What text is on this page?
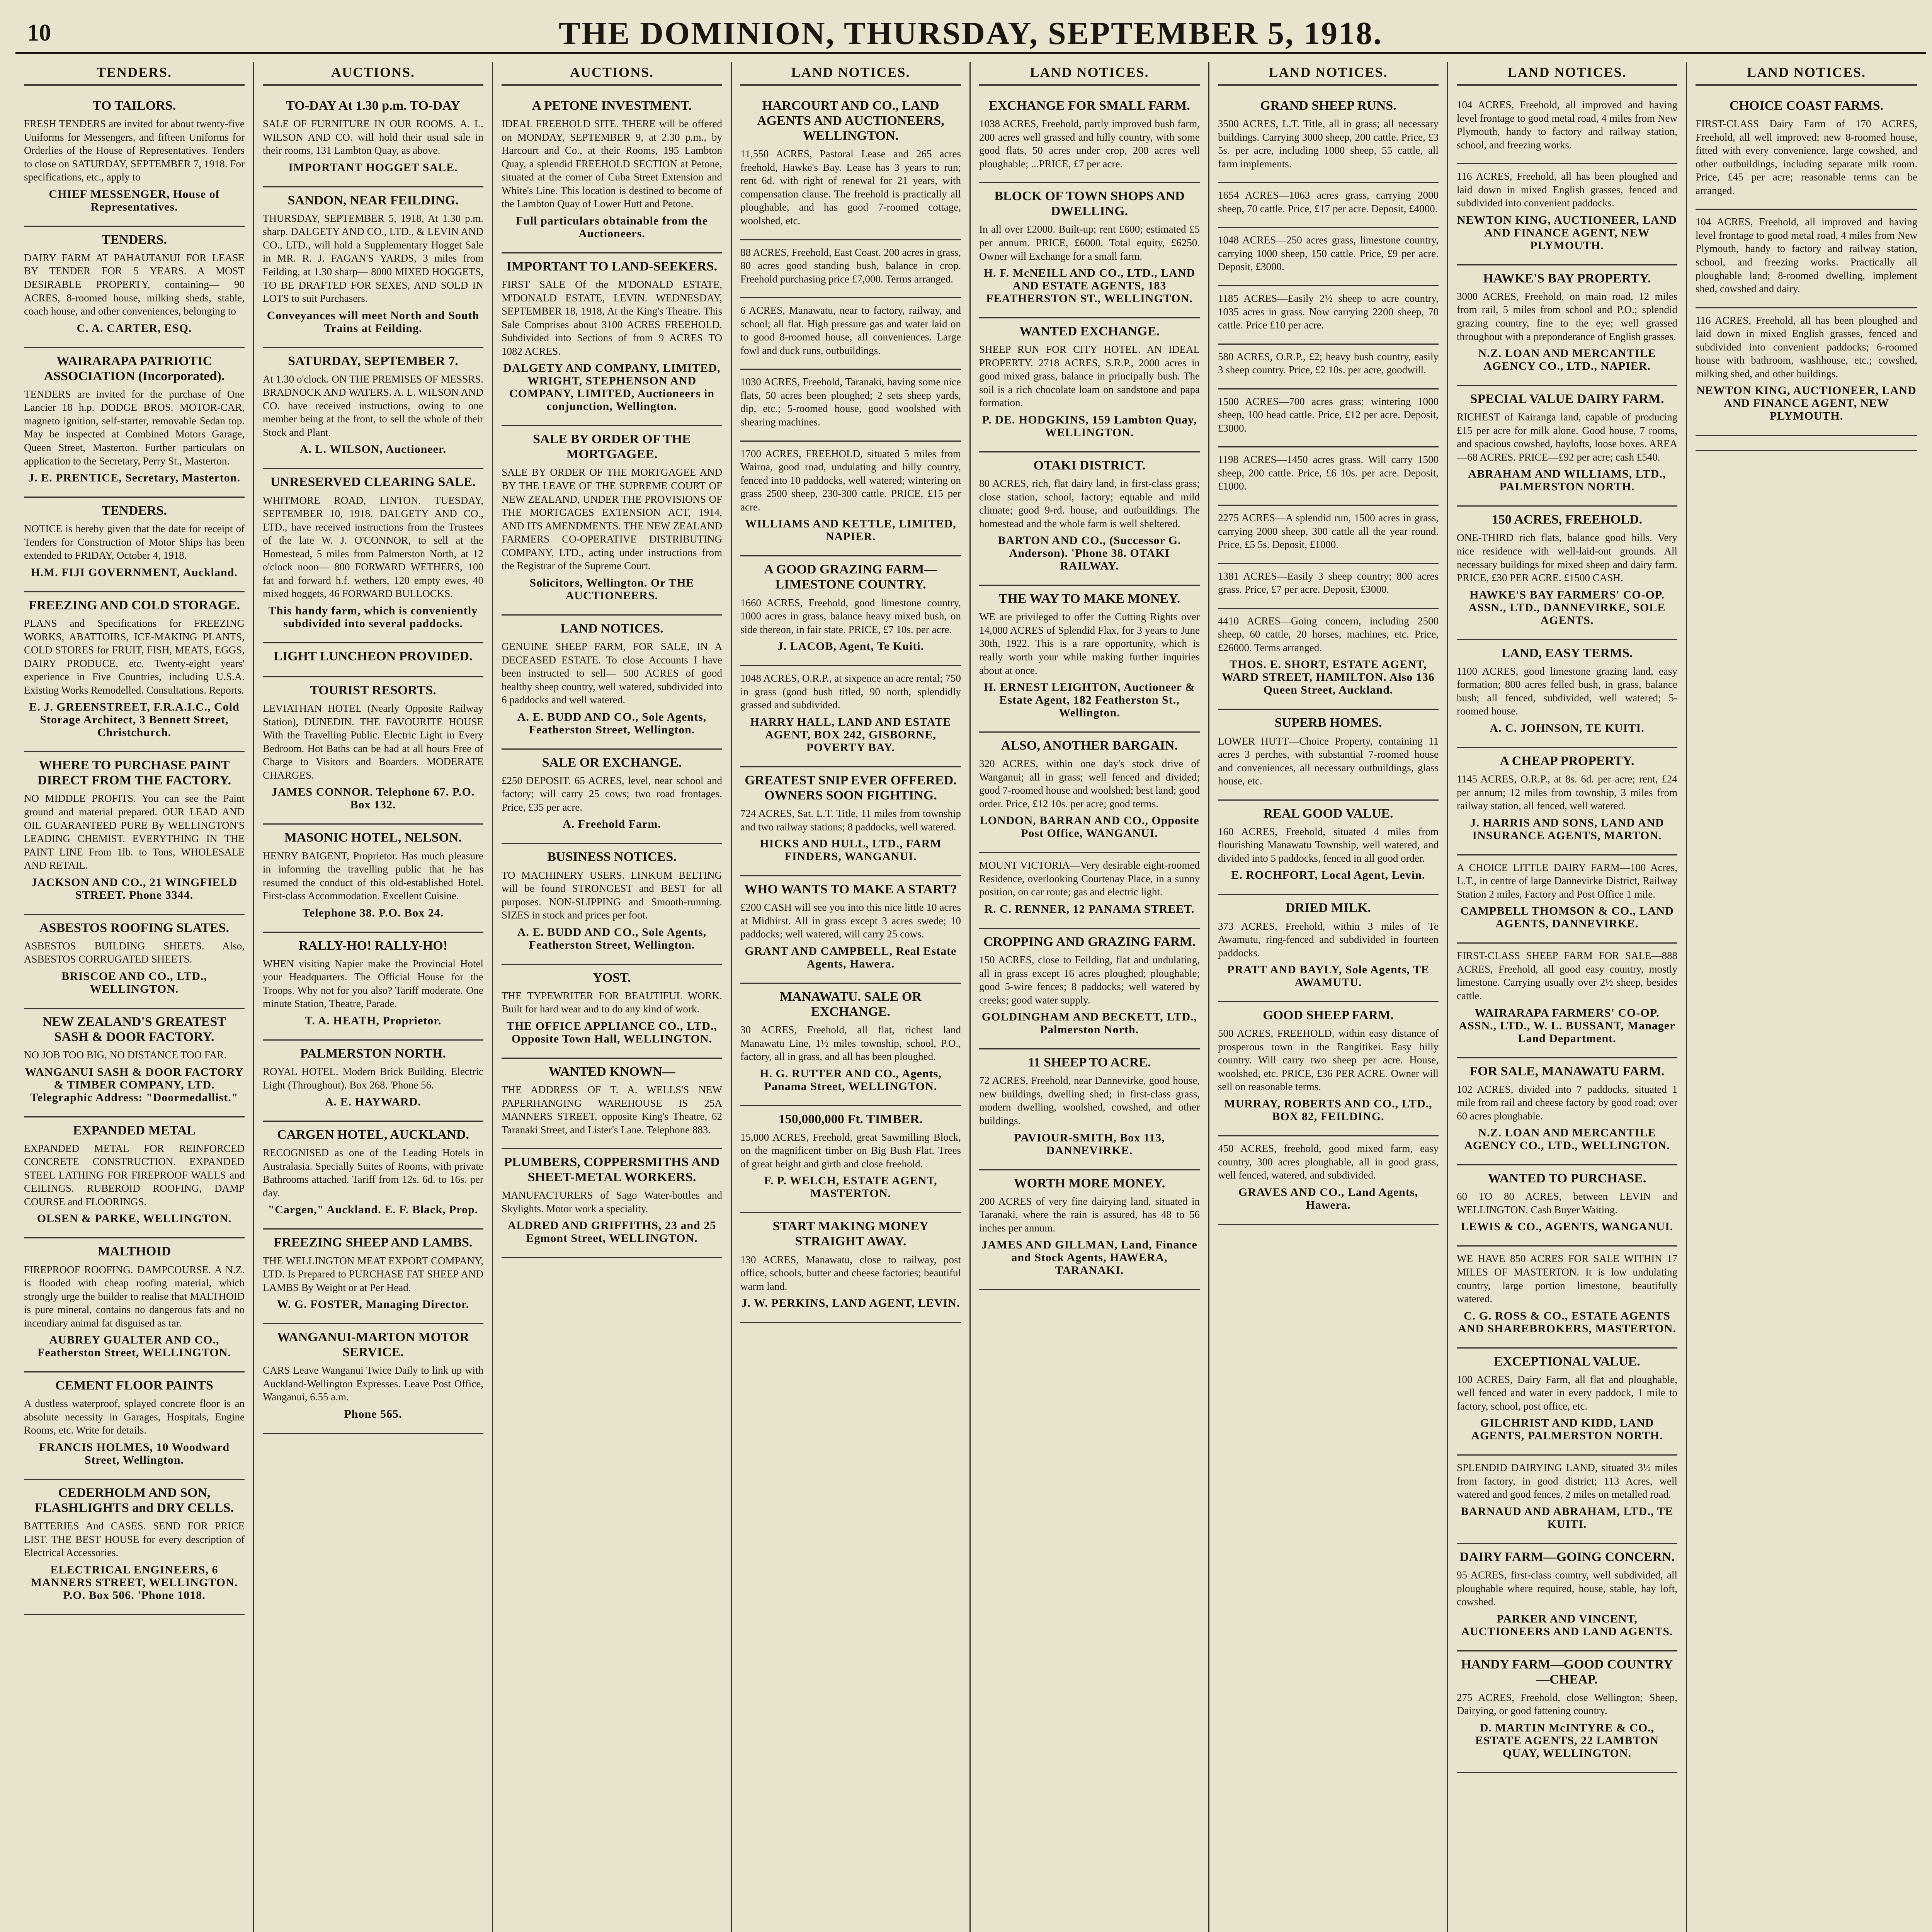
10	THE DOMINION, THURSDAY, SEPTEMBER 5, 1918.
TENDERS.
TO TAILORS.

FRESH TENDERS are invited for about twenty-five Uniforms for Messengers, and fifteen Uniforms for Orderlies of the House of Representatives. Tenders to close on SATURDAY, SEPTEMBER 7, 1918. For specifications, etc., apply to

CHIEF MESSENGER, House of Representatives.
TENDERS.

DAIRY FARM AT PAHAUTANUI FOR LEASE BY TENDER FOR 5 YEARS. A MOST DESIRABLE PROPERTY, containing— 90 ACRES, 8-roomed house, milking sheds, stable, coach house, and other conveniences, belonging to

C. A. CARTER, ESQ.
WAIRARAPA PATRIOTIC ASSOCIATION (Incorporated).

TENDERS are invited for the purchase of One Lancier 18 h.p. DODGE BROS. MOTOR-CAR, magneto ignition, self-starter, removable Sedan top. May be inspected at Combined Motors Garage, Queen Street, Masterton. Further particulars on application to the Secretary, Perry St., Masterton.

J. E. PRENTICE, Secretary, Masterton.
TENDERS.

NOTICE is hereby given that the date for receipt of Tenders for Construction of Motor Ships has been extended to FRIDAY, October 4, 1918.

H.M. FIJI GOVERNMENT, Auckland.
FREEZING AND COLD STORAGE.

PLANS and Specifications for FREEZING WORKS, ABATTOIRS, ICE-MAKING PLANTS, COLD STORES for FRUIT, FISH, MEATS, EGGS, DAIRY PRODUCE, etc. Twenty-eight years' experience in Five Countries, including U.S.A. Existing Works Remodelled. Consultations. Reports.

E. J. GREENSTREET, F.R.A.I.C., Cold Storage Architect, 3 Bennett Street, Christchurch.
WHERE TO PURCHASE PAINT DIRECT FROM THE FACTORY.

NO MIDDLE PROFITS. You can see the Paint ground and material prepared. OUR LEAD AND OIL GUARANTEED PURE By WELLINGTON'S LEADING CHEMIST. EVERYTHING IN THE PAINT LINE From 1lb. to Tons, WHOLESALE AND RETAIL.

JACKSON AND CO., 21 WINGFIELD STREET. Phone 3344.
ASBESTOS ROOFING SLATES.

ASBESTOS BUILDING SHEETS. Also, ASBESTOS CORRUGATED SHEETS.

BRISCOE AND CO., LTD., WELLINGTON.
NEW ZEALAND'S GREATEST SASH & DOOR FACTORY.

NO JOB TOO BIG, NO DISTANCE TOO FAR.

WANGANUI SASH & DOOR FACTORY & TIMBER COMPANY, LTD. Telegraphic Address: "Doormedallist."
EXPANDED METAL

EXPANDED METAL FOR REINFORCED CONCRETE CONSTRUCTION. EXPANDED STEEL LATHING FOR FIREPROOF WALLS and CEILINGS. RUBEROID ROOFING, DAMP COURSE and FLOORINGS.

OLSEN & PARKE, WELLINGTON.
MALTHOID

FIREPROOF ROOFING. DAMPCOURSE. A N.Z. is flooded with cheap roofing material, which strongly urge the builder to realise that MALTHOID is pure mineral, contains no dangerous fats and no incendiary animal fat disguised as tar.

AUBREY GUALTER AND CO., Featherston Street, WELLINGTON.
CEMENT FLOOR PAINTS

A dustless waterproof, splayed concrete floor is an absolute necessity in Garages, Hospitals, Engine Rooms, etc. Write for details.

FRANCIS HOLMES, 10 Woodward Street, Wellington.
CEDERHOLM AND SON, FLASHLIGHTS and DRY CELLS.

BATTERIES And CASES. SEND FOR PRICE LIST. THE BEST HOUSE for every description of Electrical Accessories.

ELECTRICAL ENGINEERS, 6 MANNERS STREET, WELLINGTON. P.O. Box 506. 'Phone 1018.
AUCTIONS.
TO-DAY At 1.30 p.m. TO-DAY

SALE OF FURNITURE IN OUR ROOMS. A. L. WILSON AND CO. will hold their usual sale in their rooms, 131 Lambton Quay, as above.

IMPORTANT HOGGET SALE.
SANDON, NEAR FEILDING.

THURSDAY, SEPTEMBER 5, 1918, At 1.30 p.m. sharp. DALGETY AND CO., LTD., & LEVIN AND CO., LTD., will hold a Supplementary Hogget Sale in MR. R. J. FAGAN'S YARDS, 3 miles from Feilding, at 1.30 sharp— 8000 MIXED HOGGETS, TO BE DRAFTED FOR SEXES, AND SOLD IN LOTS to suit Purchasers.

Conveyances will meet North and South Trains at Feilding.
SATURDAY, SEPTEMBER 7.

At 1.30 o'clock. ON THE PREMISES OF MESSRS. BRADNOCK AND WATERS. A. L. WILSON AND CO. have received instructions, owing to one member being at the front, to sell the whole of their Stock and Plant.

A. L. WILSON, Auctioneer.
UNRESERVED CLEARING SALE.

WHITMORE ROAD, LINTON. TUESDAY, SEPTEMBER 10, 1918. DALGETY AND CO., LTD., have received instructions from the Trustees of the late W. J. O'CONNOR, to sell at the Homestead, 5 miles from Palmerston North, at 12 o'clock noon— 800 FORWARD WETHERS, 100 fat and forward h.f. wethers, 120 empty ewes, 40 mixed hoggets, 46 FORWARD BULLOCKS.

This handy farm, which is conveniently subdivided into several paddocks.
LIGHT LUNCHEON PROVIDED.
TOURIST RESORTS.

LEVIATHAN HOTEL (Nearly Opposite Railway Station), DUNEDIN. THE FAVOURITE HOUSE With the Travelling Public. Electric Light in Every Bedroom. Hot Baths can be had at all hours Free of Charge to Visitors and Boarders. MODERATE CHARGES.

JAMES CONNOR. Telephone 67. P.O. Box 132.
MASONIC HOTEL, NELSON.

HENRY BAIGENT, Proprietor. Has much pleasure in informing the travelling public that he has resumed the conduct of this old-established Hotel. First-class Accommodation. Excellent Cuisine.

Telephone 38. P.O. Box 24.
RALLY-HO! RALLY-HO!

WHEN visiting Napier make the Provincial Hotel your Headquarters. The Official House for the Troops. Why not for you also? Tariff moderate. One minute Station, Theatre, Parade.

T. A. HEATH, Proprietor.
PALMERSTON NORTH.

ROYAL HOTEL. Modern Brick Building. Electric Light (Throughout). Box 268. 'Phone 56.

A. E. HAYWARD.
CARGEN HOTEL, AUCKLAND.

RECOGNISED as one of the Leading Hotels in Australasia. Specially Suites of Rooms, with private Bathrooms attached. Tariff from 12s. 6d. to 16s. per day.

"Cargen," Auckland. E. F. Black, Prop.
FREEZING SHEEP AND LAMBS.

THE WELLINGTON MEAT EXPORT COMPANY, LTD. Is Prepared to PURCHASE FAT SHEEP AND LAMBS By Weight or at Per Head.

W. G. FOSTER, Managing Director.
WANGANUI-MARTON MOTOR SERVICE.

CARS Leave Wanganui Twice Daily to link up with Auckland-Wellington Expresses. Leave Post Office, Wanganui, 6.55 a.m.

Phone 565.
AUCTIONS.
A PETONE INVESTMENT.

IDEAL FREEHOLD SITE. THERE will be offered on MONDAY, SEPTEMBER 9, at 2.30 p.m., by Harcourt and Co., at their Rooms, 195 Lambton Quay, a splendid FREEHOLD SECTION at Petone, situated at the corner of Cuba Street Extension and White's Line. This location is destined to become of the Lambton Quay of Lower Hutt and Petone.

Full particulars obtainable from the Auctioneers.
IMPORTANT TO LAND-SEEKERS.

FIRST SALE Of the M'DONALD ESTATE, M'DONALD ESTATE, LEVIN. WEDNESDAY, SEPTEMBER 18, 1918, At the King's Theatre. This Sale Comprises about 3100 ACRES FREEHOLD. Subdivided into Sections of from 9 ACRES TO 1082 ACRES.

DALGETY AND COMPANY, LIMITED, WRIGHT, STEPHENSON AND COMPANY, LIMITED, Auctioneers in conjunction, Wellington.
SALE BY ORDER OF THE MORTGAGEE.

SALE BY ORDER OF THE MORTGAGEE AND BY THE LEAVE OF THE SUPREME COURT OF NEW ZEALAND, UNDER THE PROVISIONS OF THE MORTGAGES EXTENSION ACT, 1914, AND ITS AMENDMENTS. THE NEW ZEALAND FARMERS CO-OPERATIVE DISTRIBUTING COMPANY, LTD., acting under instructions from the Registrar of the Supreme Court.

Solicitors, Wellington. Or THE AUCTIONEERS.
LAND NOTICES.

GENUINE SHEEP FARM, FOR SALE, IN A DECEASED ESTATE. To close Accounts I have been instructed to sell— 500 ACRES of good healthy sheep country, well watered, subdivided into 6 paddocks and well watered.

A. E. BUDD AND CO., Sole Agents, Featherston Street, Wellington.
SALE OR EXCHANGE.

£250 DEPOSIT. 65 ACRES, level, near school and factory; will carry 25 cows; two road frontages. Price, £35 per acre.

A. Freehold Farm.
BUSINESS NOTICES.

TO MACHINERY USERS. LINKUM BELTING will be found STRONGEST and BEST for all purposes. NON-SLIPPING and Smooth-running. SIZES in stock and prices per foot.

A. E. BUDD AND CO., Sole Agents, Featherston Street, Wellington.
YOST.

THE TYPEWRITER FOR BEAUTIFUL WORK. Built for hard wear and to do any kind of work.

THE OFFICE APPLIANCE CO., LTD., Opposite Town Hall, WELLINGTON.
WANTED KNOWN—

THE ADDRESS OF T. A. WELLS'S NEW PAPERHANGING WAREHOUSE IS 25A MANNERS STREET, opposite King's Theatre, 62 Taranaki Street, and Lister's Lane. Telephone 883.

PLUMBERS, COPPERSMITHS AND SHEET-METAL WORKERS.

MANUFACTURERS of Sago Water-bottles and Skylights. Motor work a speciality.

ALDRED AND GRIFFITHS, 23 and 25 Egmont Street, WELLINGTON.
LAND NOTICES.
HARCOURT AND CO., LAND AGENTS AND AUCTIONEERS, WELLINGTON.

11,550 ACRES, Pastoral Lease and 265 acres freehold, Hawke's Bay. Lease has 3 years to run; rent 6d. with right of renewal for 21 years, with compensation clause. The freehold is practically all ploughable, and has good 7-roomed cottage, woolshed, etc.

88 ACRES, Freehold, East Coast. 200 acres in grass, 80 acres good standing bush, balance in crop. Freehold purchasing price £7,000. Terms arranged.

6 ACRES, Manawatu, near to factory, railway, and school; all flat. High pressure gas and water laid on to good 8-roomed house, all conveniences. Large fowl and duck runs, outbuildings.

1030 ACRES, Freehold, Taranaki, having some nice flats, 50 acres been ploughed; 2 sets sheep yards, dip, etc.; 5-roomed house, good woolshed with shearing machines.

1700 ACRES, FREEHOLD, situated 5 miles from Wairoa, good road, undulating and hilly country, fenced into 10 paddocks, well watered; wintering on grass 2500 sheep, 230-300 cattle. PRICE, £15 per acre.

WILLIAMS AND KETTLE, LIMITED, NAPIER.
A GOOD GRAZING FARM—LIMESTONE COUNTRY.

1660 ACRES, Freehold, good limestone country, 1000 acres in grass, balance heavy mixed bush, on side thereon, in fair state. PRICE, £7 10s. per acre.

J. LACOB, Agent, Te Kuiti.

1048 ACRES, O.R.P., at sixpence an acre rental; 750 in grass (good bush titled, 90 north, splendidly grassed and subdivided.

HARRY HALL, LAND AND ESTATE AGENT, BOX 242, GISBORNE, POVERTY BAY.
GREATEST SNIP EVER OFFERED. OWNERS SOON FIGHTING.

724 ACRES, Sat. L.T. Title, 11 miles from township and two railway stations; 8 paddocks, well watered.

HICKS AND HULL, LTD., FARM FINDERS, WANGANUI.
WHO WANTS TO MAKE A START?

£200 CASH will see you into this nice little 10 acres at Midhirst. All in grass except 3 acres swede; 10 paddocks; well watered, will carry 25 cows.

GRANT AND CAMPBELL, Real Estate Agents, Hawera.
MANAWATU. SALE OR EXCHANGE.

30 ACRES, Freehold, all flat, richest land Manawatu Line, 1½ miles township, school, P.O., factory, all in grass, and all has been ploughed.

H. G. RUTTER AND CO., Agents, Panama Street, WELLINGTON.
150,000,000 Ft. TIMBER.

15,000 ACRES, Freehold, great Sawmilling Block, on the magnificent timber on Big Bush Flat. Trees of great height and girth and close freehold.

F. P. WELCH, ESTATE AGENT, MASTERTON.
START MAKING MONEY STRAIGHT AWAY.

130 ACRES, Manawatu, close to railway, post office, schools, butter and cheese factories; beautiful warm land.

J. W. PERKINS, LAND AGENT, LEVIN.
LAND NOTICES.
EXCHANGE FOR SMALL FARM.

1038 ACRES, Freehold, partly improved bush farm, 200 acres well grassed and hilly country, with some good flats, 50 acres under crop, 200 acres well ploughable; ...PRICE, £7 per acre.

BLOCK OF TOWN SHOPS AND DWELLING.

In all over £2000. Built-up; rent £600; estimated £5 per annum. PRICE, £6000. Total equity, £6250. Owner will Exchange for a small farm.

H. F. McNEILL AND CO., LTD., LAND AND ESTATE AGENTS, 183 FEATHERSTON ST., WELLINGTON.
WANTED EXCHANGE.

SHEEP RUN FOR CITY HOTEL. AN IDEAL PROPERTY. 2718 ACRES, S.R.P., 2000 acres in good mixed grass, balance in principally bush. The soil is a rich chocolate loam on sandstone and papa formation.

P. DE. HODGKINS, 159 Lambton Quay, WELLINGTON.
OTAKI DISTRICT.

80 ACRES, rich, flat dairy land, in first-class grass; close station, school, factory; equable and mild climate; good 9-rd. house, and outbuildings. The homestead and the whole farm is well sheltered.

BARTON AND CO., (Successor G. Anderson). 'Phone 38. OTAKI RAILWAY.
THE WAY TO MAKE MONEY.

WE are privileged to offer the Cutting Rights over 14,000 ACRES of Splendid Flax, for 3 years to June 30th, 1922. This is a rare opportunity, which is really worth your while making further inquiries about at once.

H. ERNEST LEIGHTON, Auctioneer & Estate Agent, 182 Featherston St., Wellington.
ALSO, ANOTHER BARGAIN.

320 ACRES, within one day's stock drive of Wanganui; all in grass; well fenced and divided; good 7-roomed house and woolshed; best land; good order. Price, £12 10s. per acre; good terms.

LONDON, BARRAN AND CO., Opposite Post Office, WANGANUI.

MOUNT VICTORIA—Very desirable eight-roomed Residence, overlooking Courtenay Place, in a sunny position, on car route; gas and electric light.

R. C. RENNER, 12 PANAMA STREET.
CROPPING AND GRAZING FARM.

150 ACRES, close to Feilding, flat and undulating, all in grass except 16 acres ploughed; ploughable; good 5-wire fences; 8 paddocks; well watered by creeks; good water supply.

GOLDINGHAM AND BECKETT, LTD., Palmerston North.
11 SHEEP TO ACRE.

72 ACRES, Freehold, near Dannevirke, good house, new buildings, dwelling shed; in first-class grass, modern dwelling, woolshed, cowshed, and other buildings.

PAVIOUR-SMITH, Box 113, DANNEVIRKE.
WORTH MORE MONEY.

200 ACRES of very fine dairying land, situated in Taranaki, where the rain is assured, has 48 to 56 inches per annum.

JAMES AND GILLMAN, Land, Finance and Stock Agents, HAWERA, TARANAKI.
LAND NOTICES.
GRAND SHEEP RUNS.

3500 ACRES, L.T. Title, all in grass; all necessary buildings. Carrying 3000 sheep, 200 cattle. Price, £3 5s. per acre, including 1000 sheep, 55 cattle, all farm implements.

1654 ACRES—1063 acres grass, carrying 2000 sheep, 70 cattle. Price, £17 per acre. Deposit, £4000.

1048 ACRES—250 acres grass, limestone country, carrying 1000 sheep, 150 cattle. Price, £9 per acre. Deposit, £3000.

1185 ACRES—Easily 2½ sheep to acre country, 1035 acres in grass. Now carrying 2200 sheep, 70 cattle. Price £10 per acre.

580 ACRES, O.R.P., £2; heavy bush country, easily 3 sheep country. Price, £2 10s. per acre, goodwill.

1500 ACRES—700 acres grass; wintering 1000 sheep, 100 head cattle. Price, £12 per acre. Deposit, £3000.

1198 ACRES—1450 acres grass. Will carry 1500 sheep, 200 cattle. Price, £6 10s. per acre. Deposit, £1000.

2275 ACRES—A splendid run, 1500 acres in grass, carrying 2000 sheep, 300 cattle all the year round. Price, £5 5s. Deposit, £1000.

1381 ACRES—Easily 3 sheep country; 800 acres grass. Price, £7 per acre. Deposit, £3000.

4410 ACRES—Going concern, including 2500 sheep, 60 cattle, 20 horses, machines, etc. Price, £26000. Terms arranged.

THOS. E. SHORT, ESTATE AGENT, WARD STREET, HAMILTON. Also 136 Queen Street, Auckland.
SUPERB HOMES.

LOWER HUTT—Choice Property, containing 11 acres 3 perches, with substantial 7-roomed house and conveniences, all necessary outbuildings, glass house, etc.

REAL GOOD VALUE.

160 ACRES, Freehold, situated 4 miles from flourishing Manawatu Township, well watered, and divided into 5 paddocks, fenced in all good order.

E. ROCHFORT, Local Agent, Levin.
DRIED MILK.

373 ACRES, Freehold, within 3 miles of Te Awamutu, ring-fenced and subdivided in fourteen paddocks.

PRATT AND BAYLY, Sole Agents, TE AWAMUTU.
GOOD SHEEP FARM.

500 ACRES, FREEHOLD, within easy distance of prosperous town in the Rangitikei. Easy hilly country. Will carry two sheep per acre. House, woolshed, etc. PRICE, £36 PER ACRE. Owner will sell on reasonable terms.

MURRAY, ROBERTS AND CO., LTD., BOX 82, FEILDING.

450 ACRES, freehold, good mixed farm, easy country, 300 acres ploughable, all in good grass, well fenced, watered, and subdivided.

GRAVES AND CO., Land Agents, Hawera.
LAND NOTICES.

104 ACRES, Freehold, all improved and having level frontage to good metal road, 4 miles from New Plymouth, handy to factory and railway station, school, and freezing works.

116 ACRES, Freehold, all has been ploughed and laid down in mixed English grasses, fenced and subdivided into convenient paddocks.

NEWTON KING, AUCTIONEER, LAND AND FINANCE AGENT, NEW PLYMOUTH.
HAWKE'S BAY PROPERTY.

3000 ACRES, Freehold, on main road, 12 miles from rail, 5 miles from school and P.O.; splendid grazing country, fine to the eye; well grassed throughout with a preponderance of English grasses.

N.Z. LOAN AND MERCANTILE AGENCY CO., LTD., NAPIER.
SPECIAL VALUE DAIRY FARM.

RICHEST of Kairanga land, capable of producing £15 per acre for milk alone. Good house, 7 rooms, and spacious cowshed, haylofts, loose boxes. AREA—68 ACRES. PRICE—£92 per acre; cash £540.

ABRAHAM AND WILLIAMS, LTD., PALMERSTON NORTH.
150 ACRES, FREEHOLD.

ONE-THIRD rich flats, balance good hills. Very nice residence with well-laid-out grounds. All necessary buildings for mixed sheep and dairy farm. PRICE, £30 PER ACRE. £1500 CASH.

HAWKE'S BAY FARMERS' CO-OP. ASSN., LTD., DANNEVIRKE, SOLE AGENTS.
LAND, EASY TERMS.

1100 ACRES, good limestone grazing land, easy formation; 800 acres felled bush, in grass, balance bush; all fenced, subdivided, well watered; 5-roomed house.

A. C. JOHNSON, TE KUITI.
A CHEAP PROPERTY.

1145 ACRES, O.R.P., at 8s. 6d. per acre; rent, £24 per annum; 12 miles from township, 3 miles from railway station, all fenced, well watered.

J. HARRIS AND SONS, LAND AND INSURANCE AGENTS, MARTON.

A CHOICE LITTLE DAIRY FARM—100 Acres, L.T., in centre of large Dannevirke District, Railway Station 2 miles, Factory and Post Office 1 mile.

CAMPBELL THOMSON & CO., LAND AGENTS, DANNEVIRKE.

FIRST-CLASS SHEEP FARM FOR SALE—888 ACRES, Freehold, all good easy country, mostly limestone. Carrying usually over 2½ sheep, besides cattle.

WAIRARAPA FARMERS' CO-OP. ASSN., LTD., W. L. BUSSANT, Manager Land Department.
FOR SALE, MANAWATU FARM.

102 ACRES, divided into 7 paddocks, situated 1 mile from rail and cheese factory by good road; over 60 acres ploughable.

N.Z. LOAN AND MERCANTILE AGENCY CO., LTD., WELLINGTON.
WANTED TO PURCHASE.

60 TO 80 ACRES, between LEVIN and WELLINGTON. Cash Buyer Waiting.

LEWIS & CO., AGENTS, WANGANUI.

WE HAVE 850 ACRES FOR SALE WITHIN 17 MILES OF MASTERTON. It is low undulating country, large portion limestone, beautifully watered.

C. G. ROSS & CO., ESTATE AGENTS AND SHAREBROKERS, MASTERTON.
EXCEPTIONAL VALUE.

100 ACRES, Dairy Farm, all flat and ploughable, well fenced and water in every paddock, 1 mile to factory, school, post office, etc.

GILCHRIST AND KIDD, LAND AGENTS, PALMERSTON NORTH.

SPLENDID DAIRYING LAND, situated 3½ miles from factory, in good district; 113 Acres, well watered and good fences, 2 miles on metalled road.

BARNAUD AND ABRAHAM, LTD., TE KUITI.
DAIRY FARM—GOING CONCERN.

95 ACRES, first-class country, well subdivided, all ploughable where required, house, stable, hay loft, cowshed.

PARKER AND VINCENT, AUCTIONEERS AND LAND AGENTS.
HANDY FARM—GOOD COUNTRY—CHEAP.

275 ACRES, Freehold, close Wellington; Sheep, Dairying, or good fattening country.

D. MARTIN McINTYRE & CO., ESTATE AGENTS, 22 LAMBTON QUAY, WELLINGTON.
LAND NOTICES.
CHOICE COAST FARMS.

FIRST-CLASS Dairy Farm of 170 ACRES, Freehold, all well improved; new 8-roomed house, fitted with every convenience, large cowshed, and other outbuildings, including separate milk room. Price, £45 per acre; reasonable terms can be arranged.

104 ACRES, Freehold, all improved and having level frontage to good metal road, 4 miles from New Plymouth, handy to factory and railway station, school, and freezing works. Practically all ploughable land; 8-roomed dwelling, implement shed, cowshed and dairy.

116 ACRES, Freehold, all has been ploughed and laid down in mixed English grasses, fenced and subdivided into convenient paddocks; 6-roomed house with bathroom, washhouse, etc.; cowshed, milking shed, and other buildings.

NEWTON KING, AUCTIONEER, LAND AND FINANCE AGENT, NEW PLYMOUTH.
